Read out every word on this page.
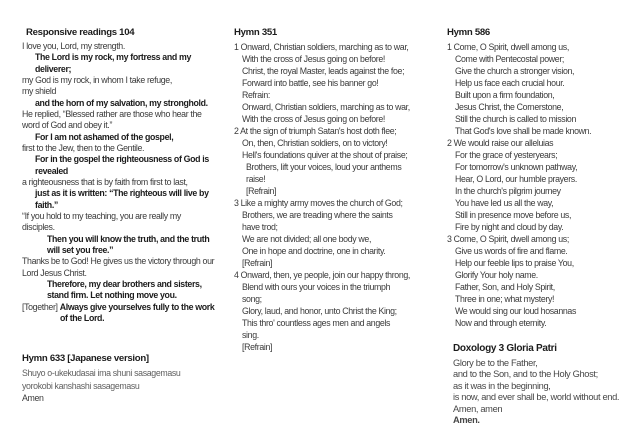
Responsive readings 104
I love you, Lord, my strength.
The Lord is my rock, my fortress and my
deliverer;
my God is my rock, in whom I take refuge,
my shield
and the horn of my salvation, my stronghold.
He replied, “Blessed rather are those who hear the
word of God and obey it.”
For I am not ashamed of the gospel,
first to the Jew, then to the Gentile.
For in the gospel the righteousness of God is
revealed
a righteousness that is by faith from first to last,
just as it is written: “The righteous will live by
faith.”
“If you hold to my teaching, you are really my
disciples.
Then you will know the truth, and the truth
will set you free.”
Thanks be to God! He gives us the victory through our
Lord Jesus Christ.
Therefore, my dear brothers and sisters,
stand firm. Let nothing move you.
[Together] Always give yourselves fully to the work
of the Lord.
Hymn 633 [Japanese version]
Shuyo o-ukekudasai ima shuni sasagemasu
yorokobi kanshashi sasagemasu
Amen
Hymn 351
1 Onward, Christian soldiers, marching as to war,
With the cross of Jesus going on before!
Christ, the royal Master, leads against the foe;
Forward into battle, see his banner go!
Refrain:
Onward, Christian soldiers, marching as to war,
With the cross of Jesus going on before!
2 At the sign of triumph Satan's host doth flee;
On, then, Christian soldiers, on to victory!
Hell's foundations quiver at the shout of praise;
Brothers, lift your voices, loud your anthems
raise!
[Refrain]
3 Like a mighty army moves the church of God;
Brothers, we are treading where the saints
have trod;
We are not divided; all one body we,
One in hope and doctrine, one in charity.
[Refrain]
4 Onward, then, ye people, join our happy throng,
Blend with ours your voices in the triumph
song;
Glory, laud, and honor, unto Christ the King;
This thro' countless ages men and angels
sing.
[Refrain]
Hymn 586
1 Come, O Spirit, dwell among us,
Come with Pentecostal power;
Give the church a stronger vision,
Help us face each crucial hour.
Built upon a firm foundation,
Jesus Christ, the Cornerstone,
Still the church is called to mission
That God's love shall be made known.
2 We would raise our alleluias
For the grace of yesteryears;
For tomorrow's unknown pathway,
Hear, O Lord, our humble prayers.
In the church's pilgrim journey
You have led us all the way,
Still in presence move before us,
Fire by night and cloud by day.
3 Come, O Spirit, dwell among us;
Give us words of fire and flame.
Help our feeble lips to praise You,
Glorify Your holy name.
Father, Son, and Holy Spirit,
Three in one; what mystery!
We would sing our loud hosannas
Now and through eternity.
Doxology 3 Gloria Patri
Glory be to the Father,
and to the Son, and to the Holy Ghost;
as it was in the beginning,
is now, and ever shall be, world without end.
Amen, amen
Amen.
